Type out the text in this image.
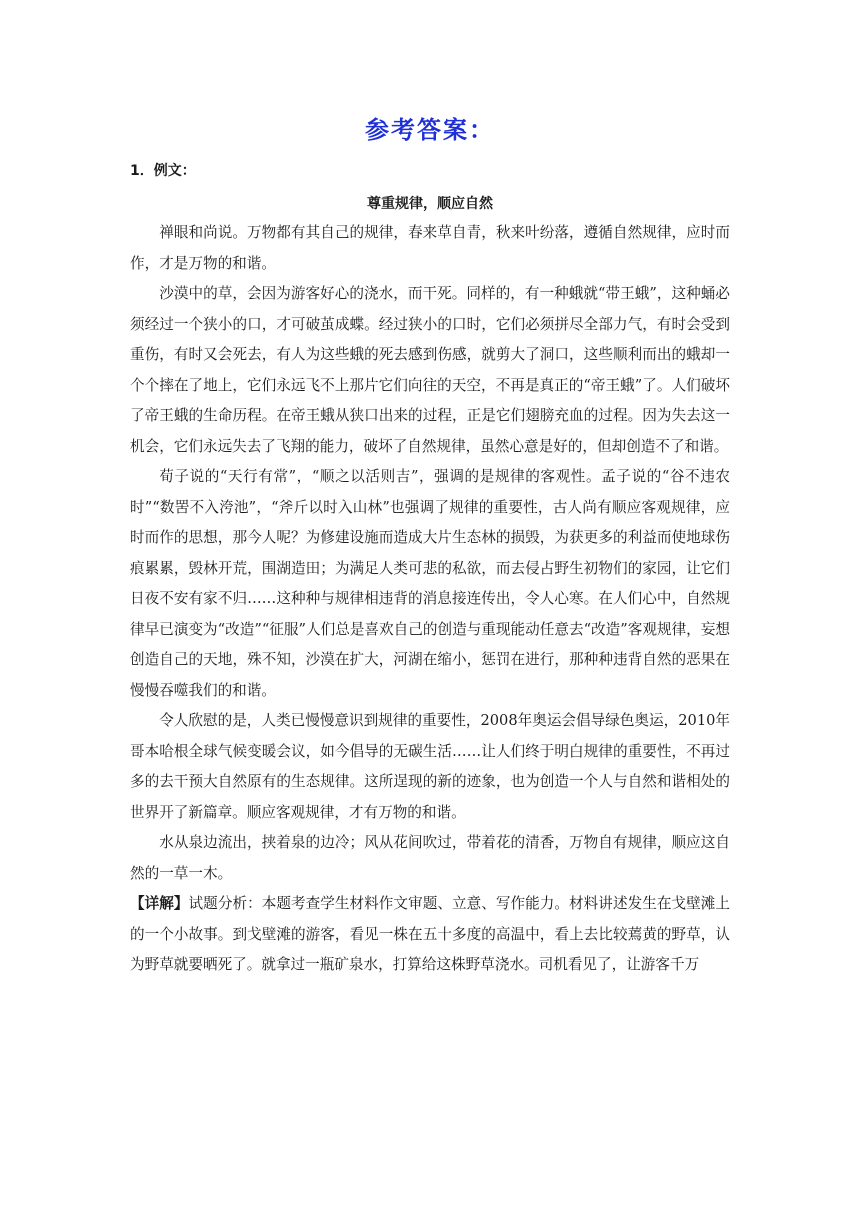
参考答案：
1．例文：
尊重规律，顺应自然

禅眼和尚说。万物都有其自己的规律，春来草自青，秋来叶纷落，遵循自然规律，应时而作，才是万物的和谐。

沙漠中的草，会因为游客好心的浇水，而干死。同样的，有一种蛾就“带王蛾”，这种蛹必须经过一个狭小的口，才可破茧成蝶。经过狭小的口时，它们必须拼尽全部力气，有时会受到重伤，有时又会死去，有人为这些蛾的死去感到伤感，就剪大了洞口，这些顺利而出的蛾却一个个摔在了地上，它们永远飞不上那片它们向往的天空，不再是真正的“帝王蛾”了。人们破坏了帝王蛾的生命历程。在帝王蛾从狭口出来的过程，正是它们翅膀充血的过程。因为失去这一机会，它们永远失去了飞翔的能力，破坏了自然规律，虽然心意是好的，但却创造不了和谐。

荀子说的“天行有常”，“顺之以活则吉”，强调的是规律的客观性。孟子说的“谷不违农时”“数罟不入洿池”，“斧斤以时入山林”也强调了规律的重要性，古人尚有顺应客观规律，应时而作的思想，那今人呢？为修建设施而造成大片生态林的损毁，为获更多的利益而使地球伤痕累累，毁林开荒，围湖造田；为满足人类可悲的私欲，而去侵占野生初物们的家园，让它们日夜不安有家不归……这种种与规律相违背的消息接连传出，令人心寒。在人们心中，自然规律早已演变为“改造”“征服”人们总是喜欢自己的创造与重现能动任意去“改造”客观规律，妄想创造自己的天地，殊不知，沙漠在扩大，河湖在缩小，惩罚在进行，那种种违背自然的恶果在慢慢吞噬我们的和谐。

令人欣慰的是，人类已慢慢意识到规律的重要性，2008年奥运会倡导绿色奥运，2010年哥本哈根全球气候变暖会议，如今倡导的无碳生活……让人们终于明白规律的重要性，不再过多的去干预大自然原有的生态规律。这所逞现的新的迹象，也为创造一个人与自然和谐相处的世界开了新篇章。顺应客观规律，才有万物的和谐。

水从泉边流出，挟着泉的边冷；风从花间吹过，带着花的清香，万物自有规律，顺应这自然的一草一木。

【详解】试题分析：本题考查学生材料作文审题、立意、写作能力。材料讲述发生在戈壁滩上的一个小故事。到戈壁滩的游客，看见一株在五十多度的高温中，看上去比较蔫黄的野草，认为野草就要晒死了。就拿过一瓶矿泉水，打算给这株野草浇水。司机看见了，让游客千万
